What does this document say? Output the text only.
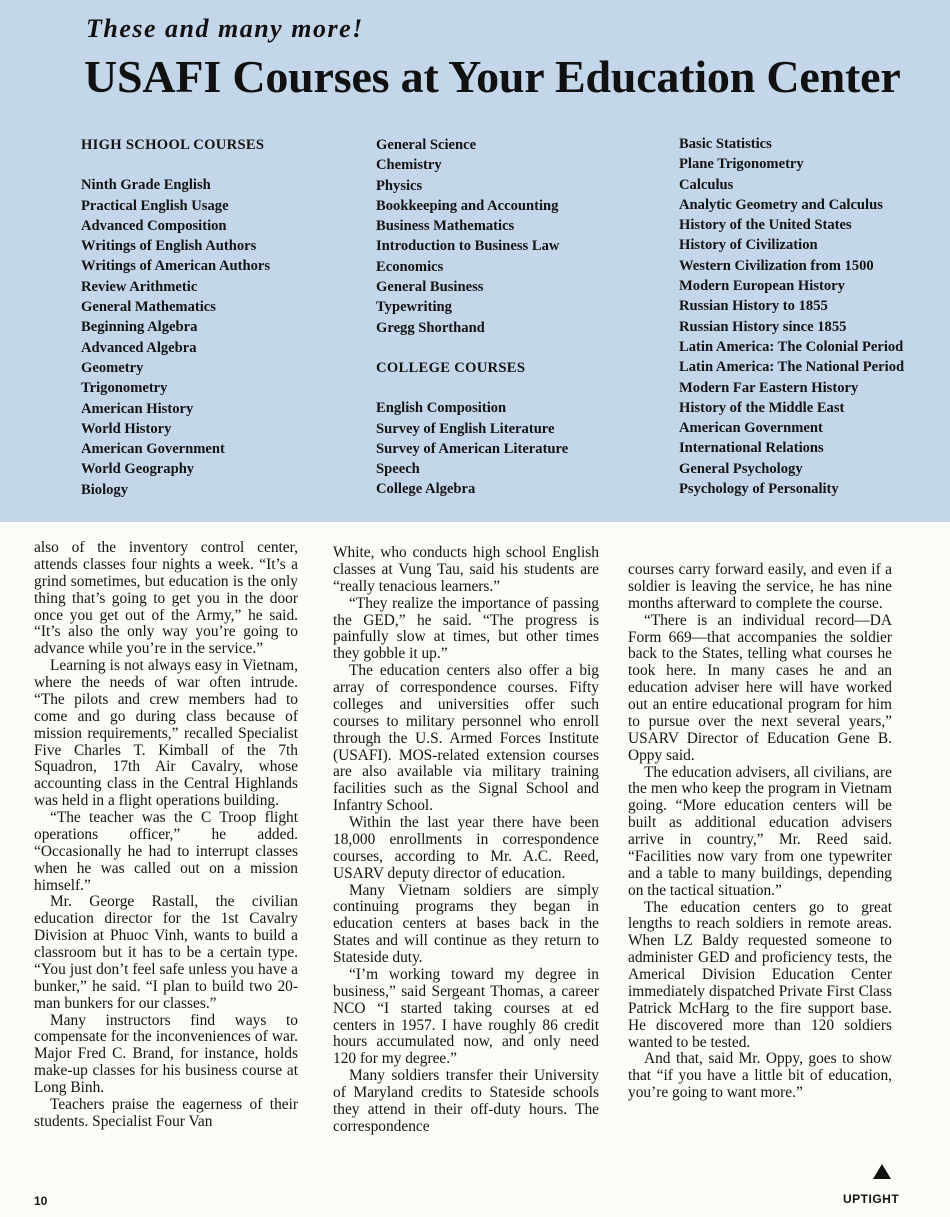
These and many more!
USAFI Courses at Your Education Center
HIGH SCHOOL COURSES
Ninth Grade English
Practical English Usage
Advanced Composition
Writings of English Authors
Writings of American Authors
Review Arithmetic
General Mathematics
Beginning Algebra
Advanced Algebra
Geometry
Trigonometry
American History
World History
American Government
World Geography
Biology
General Science
Chemistry
Physics
Bookkeeping and Accounting
Business Mathematics
Introduction to Business Law
Economics
General Business
Typewriting
Gregg Shorthand
COLLEGE COURSES
English Composition
Survey of English Literature
Survey of American Literature
Speech
College Algebra
Basic Statistics
Plane Trigonometry
Calculus
Analytic Geometry and Calculus
History of the United States
History of Civilization
Western Civilization from 1500
Modern European History
Russian History to 1855
Russian History since 1855
Latin America: The Colonial Period
Latin America: The National Period
Modern Far Eastern History
History of the Middle East
American Government
International Relations
General Psychology
Psychology of Personality

also of the inventory control center, attends classes four nights a week. “It’s a grind sometimes, but education is the only thing that’s going to get you in the door once you get out of the Army,” he said. “It’s also the only way you’re going to advance while you’re in the service.”

Learning is not always easy in Vietnam, where the needs of war often intrude. “The pilots and crew members had to come and go during class because of mission requirements,” recalled Specialist Five Charles T. Kimball of the 7th Squadron, 17th Air Cavalry, whose accounting class in the Central Highlands was held in a flight operations building.

“The teacher was the C Troop flight operations officer,” he added. “Occasionally he had to interrupt classes when he was called out on a mission himself.”

Mr. George Rastall, the civilian education director for the 1st Cavalry Division at Phuoc Vinh, wants to build a classroom but it has to be a certain type. “You just don’t feel safe unless you have a bunker,” he said. “I plan to build two 20-man bunkers for our classes.”

Many instructors find ways to compensate for the inconveniences of war. Major Fred C. Brand, for instance, holds make-up classes for his business course at Long Binh.

Teachers praise the eagerness of their students. Specialist Four Van

White, who conducts high school English classes at Vung Tau, said his students are “really tenacious learners.”

“They realize the importance of passing the GED,” he said. “The progress is painfully slow at times, but other times they gobble it up.”

The education centers also offer a big array of correspondence courses. Fifty colleges and universities offer such courses to military personnel who enroll through the U.S. Armed Forces Institute (USAFI). MOS-related extension courses are also available via military training facilities such as the Signal School and Infantry School.

Within the last year there have been 18,000 enrollments in correspondence courses, according to Mr. A.C. Reed, USARV deputy director of education.

Many Vietnam soldiers are simply continuing programs they began in education centers at bases back in the States and will continue as they return to Stateside duty.

“I’m working toward my degree in business,” said Sergeant Thomas, a career NCO “I started taking courses at ed centers in 1957. I have roughly 86 credit hours accumulated now, and only need 120 for my degree.”

Many soldiers transfer their University of Maryland credits to Stateside schools they attend in their off-duty hours. The correspondence

courses carry forward easily, and even if a soldier is leaving the service, he has nine months afterward to complete the course.

“There is an individual record—DA Form 669—that accompanies the soldier back to the States, telling what courses he took here. In many cases he and an education adviser here will have worked out an entire educational program for him to pursue over the next several years,” USARV Director of Education Gene B. Oppy said.

The education advisers, all civilians, are the men who keep the program in Vietnam going. “More education centers will be built as additional education advisers arrive in country,” Mr. Reed said. “Facilities now vary from one typewriter and a table to many buildings, depending on the tactical situation.”

The education centers go to great lengths to reach soldiers in remote areas. When LZ Baldy requested someone to administer GED and proficiency tests, the Americal Division Education Center immediately dispatched Private First Class Patrick McHarg to the fire support base. He discovered more than 120 soldiers wanted to be tested.

And that, said Mr. Oppy, goes to show that “if you have a little bit of education, you’re going to want more.”

10	UPTIGHT
